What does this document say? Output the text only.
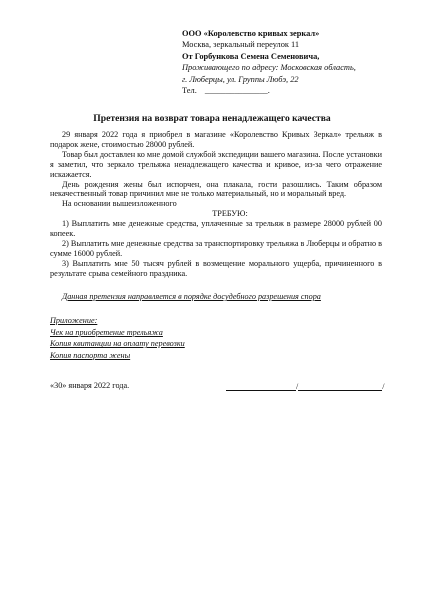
ООО «Королевство кривых зеркал»
Москва, зеркальный переулок 11
От Горбункова Семена Семеновича,
Проживающего по адресу: Московская область,
г. Люберцы, ул. Группы Любэ, 22
Тел. _______________.
Претензия на возврат товара ненадлежащего качества

29 января 2022 года я приобрел в магазине «Королевство Кривых Зеркал» трельяж в подарок жене, стоимостью 28000 рублей.

Товар был доставлен ко мне домой службой экспедиции вашего магазина. После установки я заметил, что зеркало трельяжа ненадлежащего качества и кривое, из-за чего отражение искажается.

День рождения жены был испорчен, она плакала, гости разошлись. Таким образом некачественный товар причинил мне не только материальный, но и моральный вред.

На основании вышеизложенного

ТРЕБУЮ:

1) Выплатить мне денежные средства, уплаченные за трельяж в размере 28000 рублей 00 копеек.

2) Выплатить мне денежные средства за транспортировку трельяжа в Люберцы и обратно в сумме 16000 рублей.

3) Выплатить мне 50 тысяч рублей в возмещение морального ущерба, причиненного в результате срыва семейного праздника.

Данная претензия направляется в порядке досудебного разрешения спора
Приложение:
Чек на приобретение трельяжа
Копия квитанции на оплату перевозки
Копия паспорта жены
«30» января 2022 года.	/	/
